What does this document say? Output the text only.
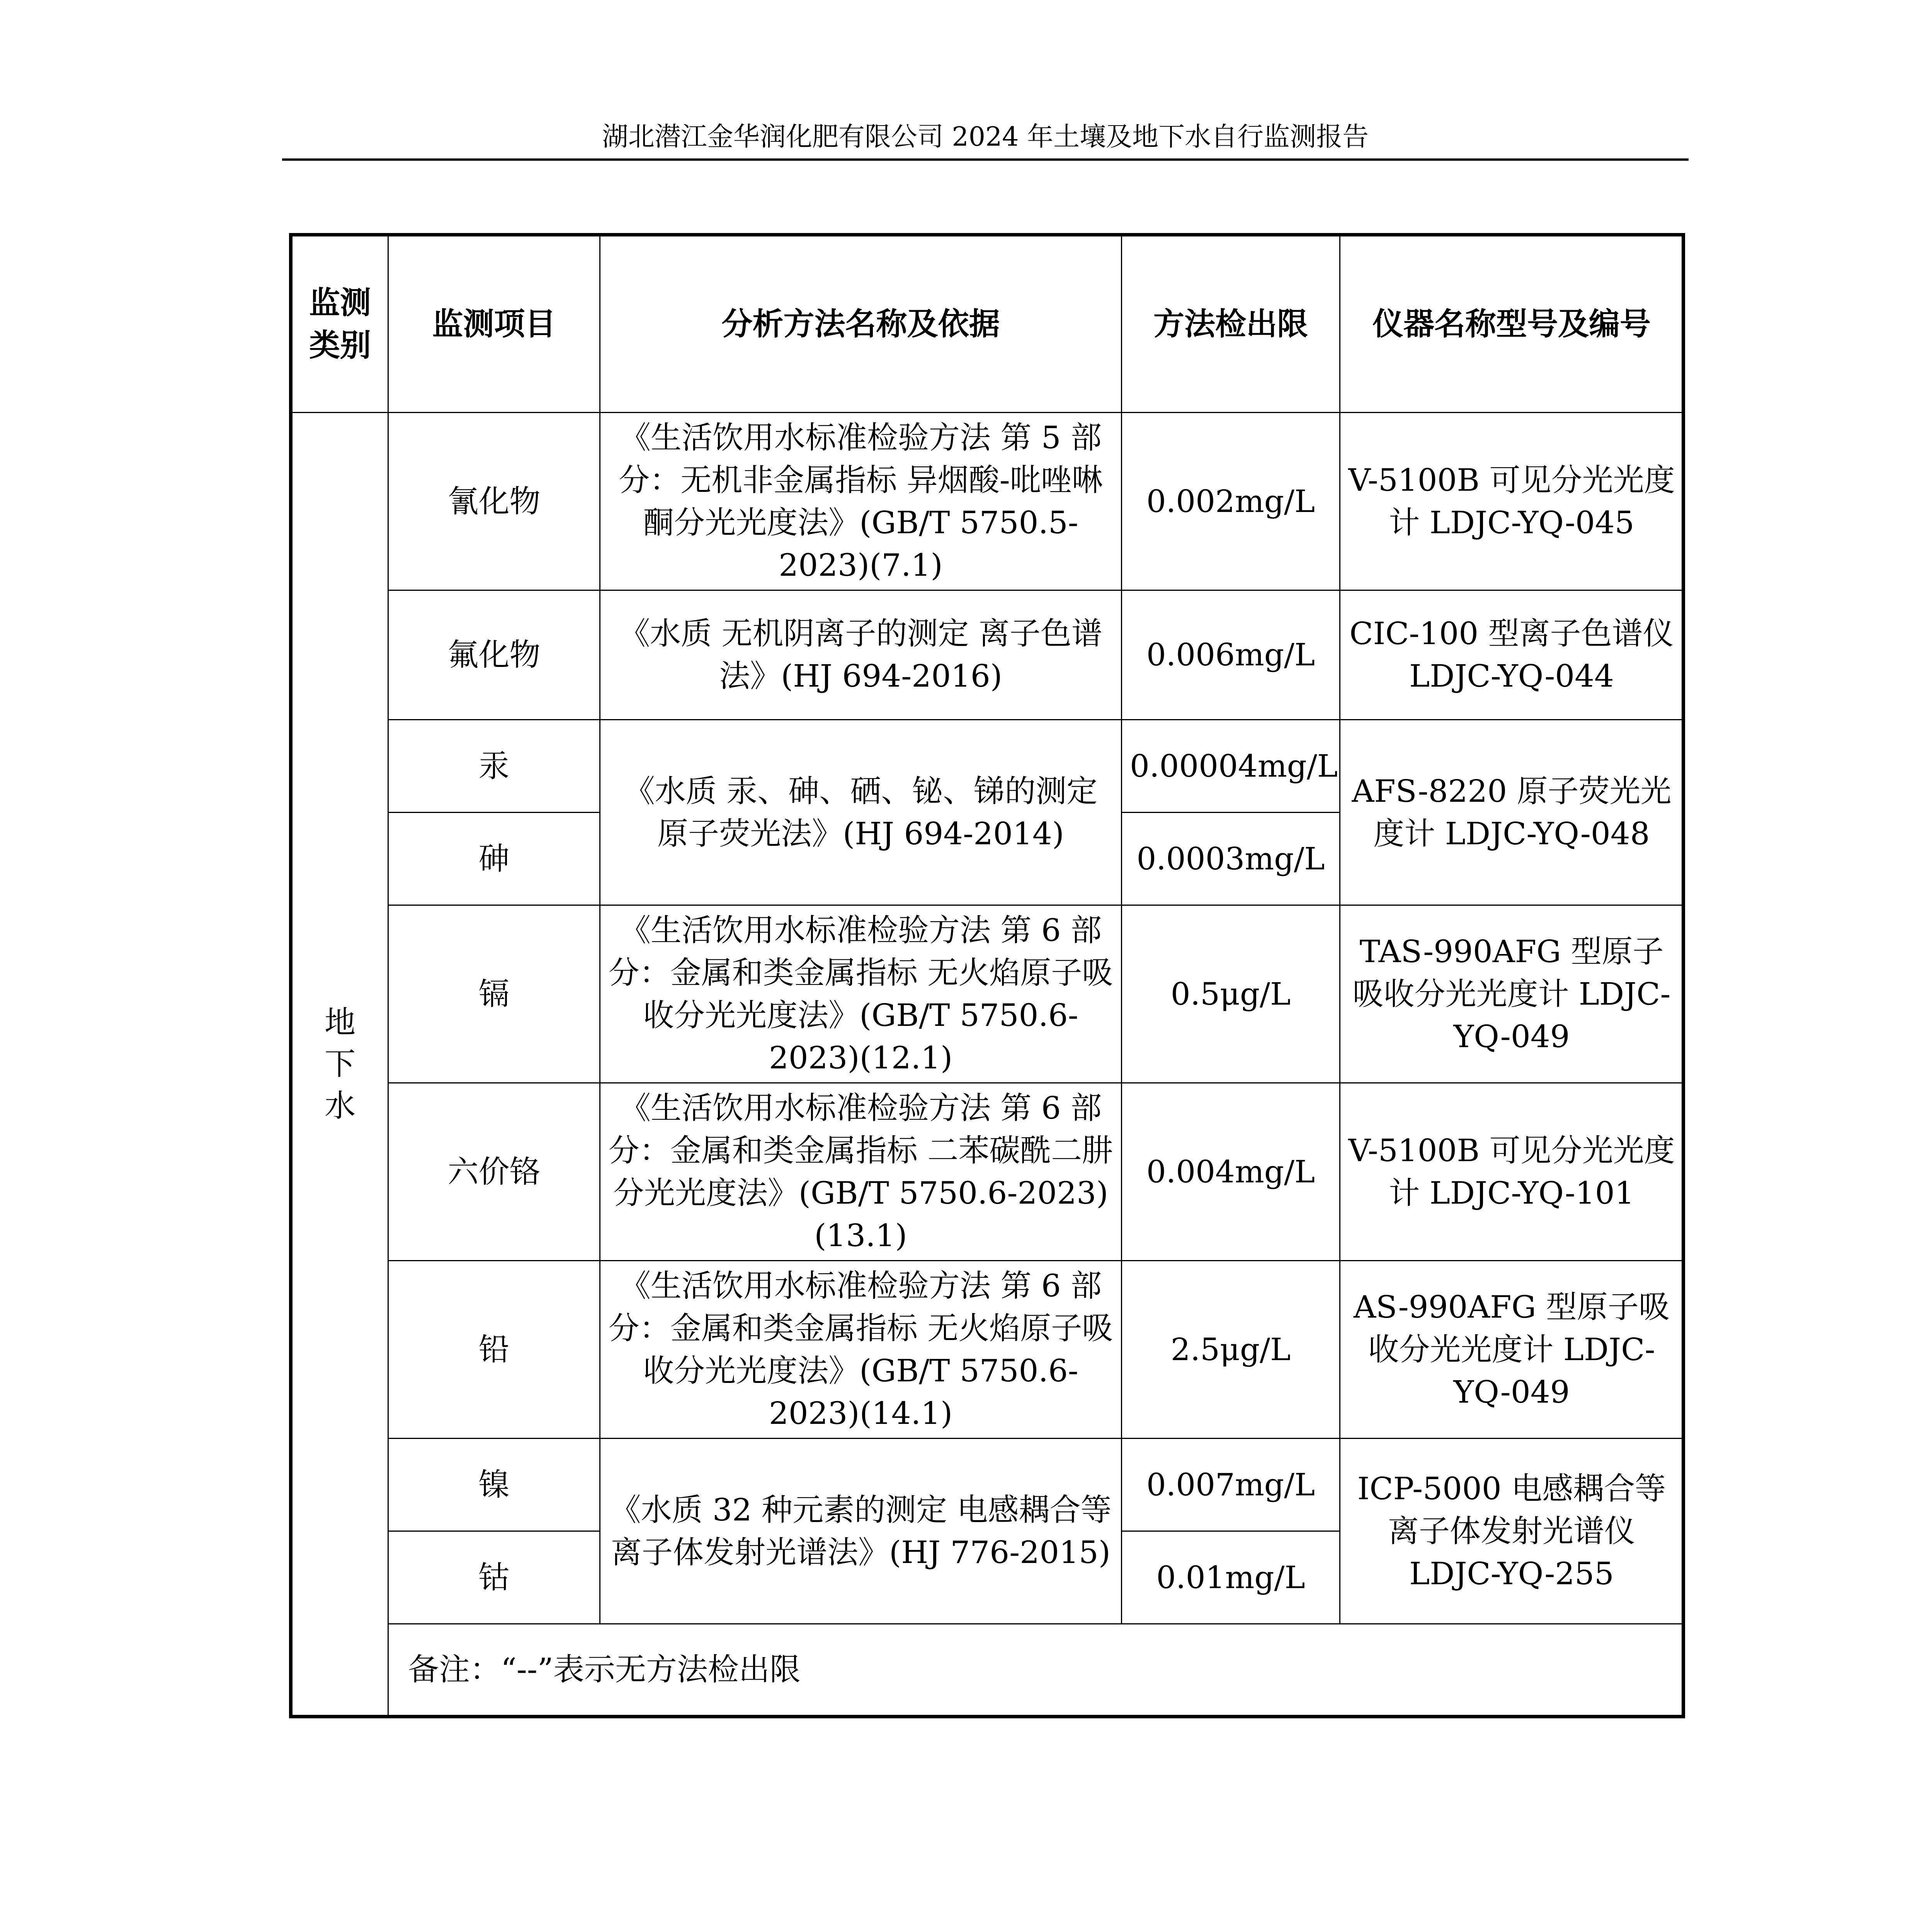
湖北潜江金华润化肥有限公司 2024 年土壤及地下水自行监测报告
监测类别	监测项目	分析方法名称及依据	方法检出限	仪器名称型号及编号
地下水	氰化物	《生活饮用水标准检验方法 第 5 部分：无机非金属指标 异烟酸-吡唑啉酮分光光度法》(GB/T 5750.5-2023)(7.1)	0.002mg/L	V-5100B 可见分光光度计 LDJC-YQ-045
	氟化物	《水质 无机阴离子的测定 离子色谱法》(HJ 694-2016)	0.006mg/L	CIC-100 型离子色谱仪 LDJC-YQ-044
	汞	《水质 汞、砷、硒、铋、锑的测定 原子荧光法》(HJ 694-2014)	0.00004mg/L	AFS-8220 原子荧光光度计 LDJC-YQ-048
	砷		0.0003mg/L	
	镉	《生活饮用水标准检验方法 第 6 部分：金属和类金属指标 无火焰原子吸收分光光度法》(GB/T 5750.6-2023)(12.1)	0.5μg/L	TAS-990AFG 型原子吸收分光光度计 LDJC-YQ-049
	六价铬	《生活饮用水标准检验方法 第 6 部分：金属和类金属指标 二苯碳酰二肼分光光度法》(GB/T 5750.6-2023)(13.1)	0.004mg/L	V-5100B 可见分光光度计 LDJC-YQ-101
	铅	《生活饮用水标准检验方法 第 6 部分：金属和类金属指标 无火焰原子吸收分光光度法》(GB/T 5750.6-2023)(14.1)	2.5μg/L	AS-990AFG 型原子吸收分光光度计 LDJC-YQ-049
	镍	《水质 32 种元素的测定 电感耦合等离子体发射光谱法》(HJ 776-2015)	0.007mg/L	ICP-5000 电感耦合等离子体发射光谱仪 LDJC-YQ-255
	钴		0.01mg/L	
	备注：“--”表示无方法检出限			
